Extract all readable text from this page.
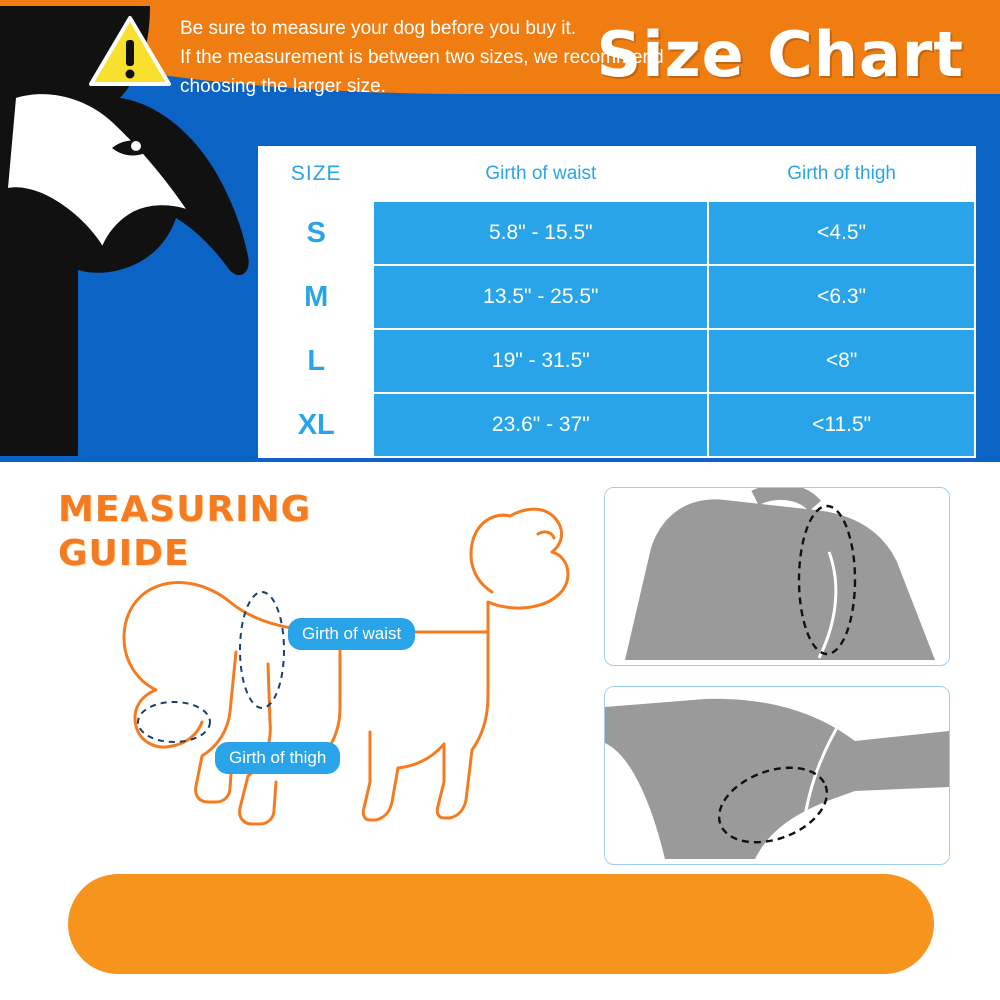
Size Chart
SIZE	Girth of waist	Girth of thigh
S	5.8" - 15.5"	<4.5"
M	13.5" - 25.5"	<6.3"
L	19" - 31.5"	<8"
XL	23.6" - 37"	<11.5"
MEASURING
GUIDE
Girth of waist
Girth of thigh
Be sure to measure your dog before you buy it.
If the measurement is between two sizes, we recommend
choosing the larger size.
